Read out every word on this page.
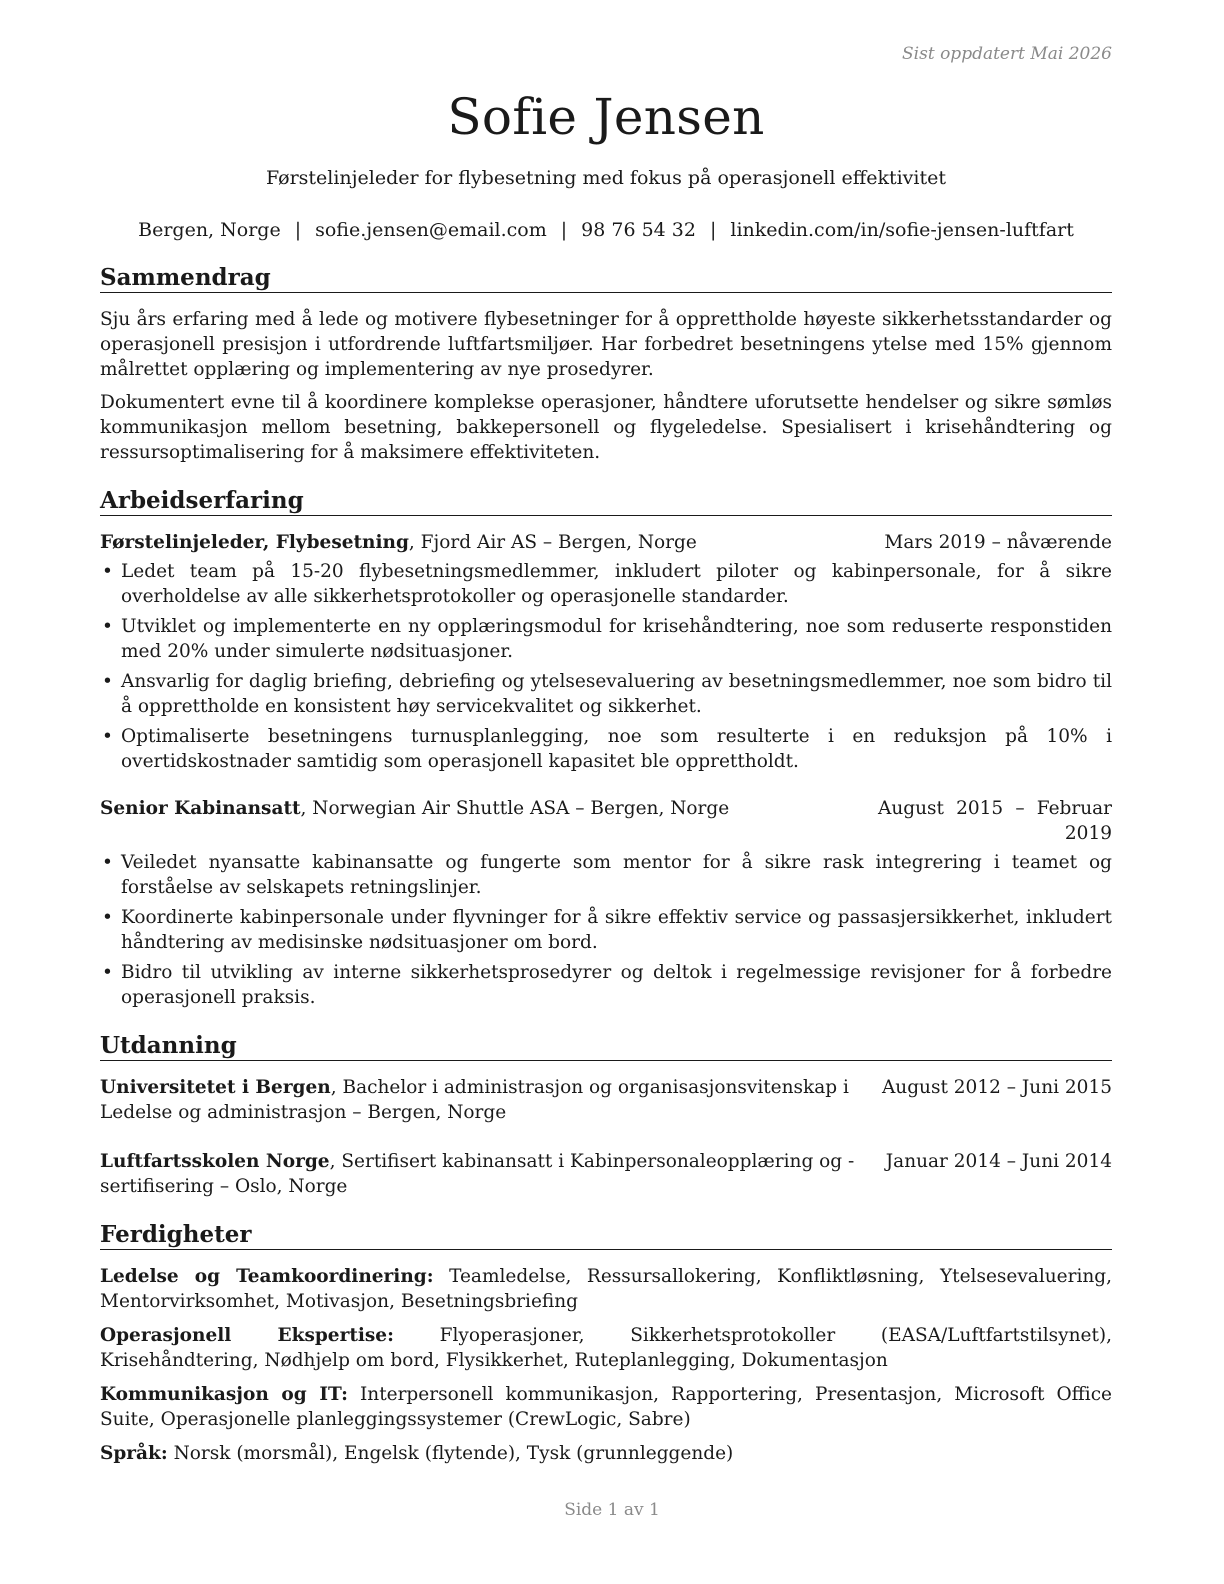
Sist oppdatert Mai 2026
Sofie Jensen
Førstelinjeleder for flybesetning med fokus på operasjonell effektivitet
Bergen, Norge | sofie.jensen@email.com | 98 76 54 32 | linkedin.com/in/sofie-jensen-luftfart
Sammendrag

Sju års erfaring med å lede og motivere flybesetninger for å opprettholde høyeste sikkerhetsstandarder og operasjonell presisjon i utfordrende luftfartsmiljøer. Har forbedret besetningens ytelse med 15% gjennom målrettet opplæring og implementering av nye prosedyrer.

Dokumentert evne til å koordinere komplekse operasjoner, håndtere uforutsette hendelser og sikre sømløs kommunikasjon mellom besetning, bakkepersonell og flygeledelse. Spesialisert i krisehåndtering og ressursoptimalisering for å maksimere effektiviteten.

Arbeidserfaring
Førstelinjeleder, Flybesetning, Fjord Air AS – Bergen, Norge	Mars 2019 – nåværende
• Ledet team på 15-20 flybesetningsmedlemmer, inkludert piloter og kabinpersonale, for å sikre overholdelse av alle sikkerhetsprotokoller og operasjonelle standarder.
• Utviklet og implementerte en ny opplæringsmodul for krisehåndtering, noe som reduserte responstiden med 20% under simulerte nødsituasjoner.
• Ansvarlig for daglig briefing, debriefing og ytelsesevaluering av besetningsmedlemmer, noe som bidro til å opprettholde en konsistent høy servicekvalitet og sikkerhet.
• Optimaliserte besetningens turnusplanlegging, noe som resulterte i en reduksjon på 10% i overtidskostnader samtidig som operasjonell kapasitet ble opprettholdt.
Senior Kabinansatt, Norwegian Air Shuttle ASA – Bergen, Norge	August 2015 – Februar 2019
• Veiledet nyansatte kabinansatte og fungerte som mentor for å sikre rask integrering i teamet og forståelse av selskapets retningslinjer.
• Koordinerte kabinpersonale under flyvninger for å sikre effektiv service og passasjersikkerhet, inkludert håndtering av medisinske nødsituasjoner om bord.
• Bidro til utvikling av interne sikkerhetsprosedyrer og deltok i regelmessige revisjoner for å forbedre operasjonell praksis.
Utdanning
Universitetet i Bergen, Bachelor i administrasjon og organisasjonsvitenskap i Ledelse og administrasjon – Bergen, Norge
August 2012 – Juni 2015
Luftfartsskolen Norge, Sertifisert kabinansatt i Kabinpersonaleopplæring og -sertifisering – Oslo, Norge
Januar 2014 – Juni 2014
Ferdigheter
Ledelse og Teamkoordinering: Teamledelse, Ressursallokering, Konfliktløsning, Ytelsesevaluering, Mentorvirksomhet, Motivasjon, Besetningsbriefing
Operasjonell Ekspertise: Flyoperasjoner, Sikkerhetsprotokoller (EASA/Luftfartstilsynet), Krisehåndtering, Nødhjelp om bord, Flysikkerhet, Ruteplanlegging, Dokumentasjon
Kommunikasjon og IT: Interpersonell kommunikasjon, Rapportering, Presentasjon, Microsoft Office Suite, Operasjonelle planleggingssystemer (CrewLogic, Sabre)
Språk: Norsk (morsmål), Engelsk (flytende), Tysk (grunnleggende)
Side 1 av 1
